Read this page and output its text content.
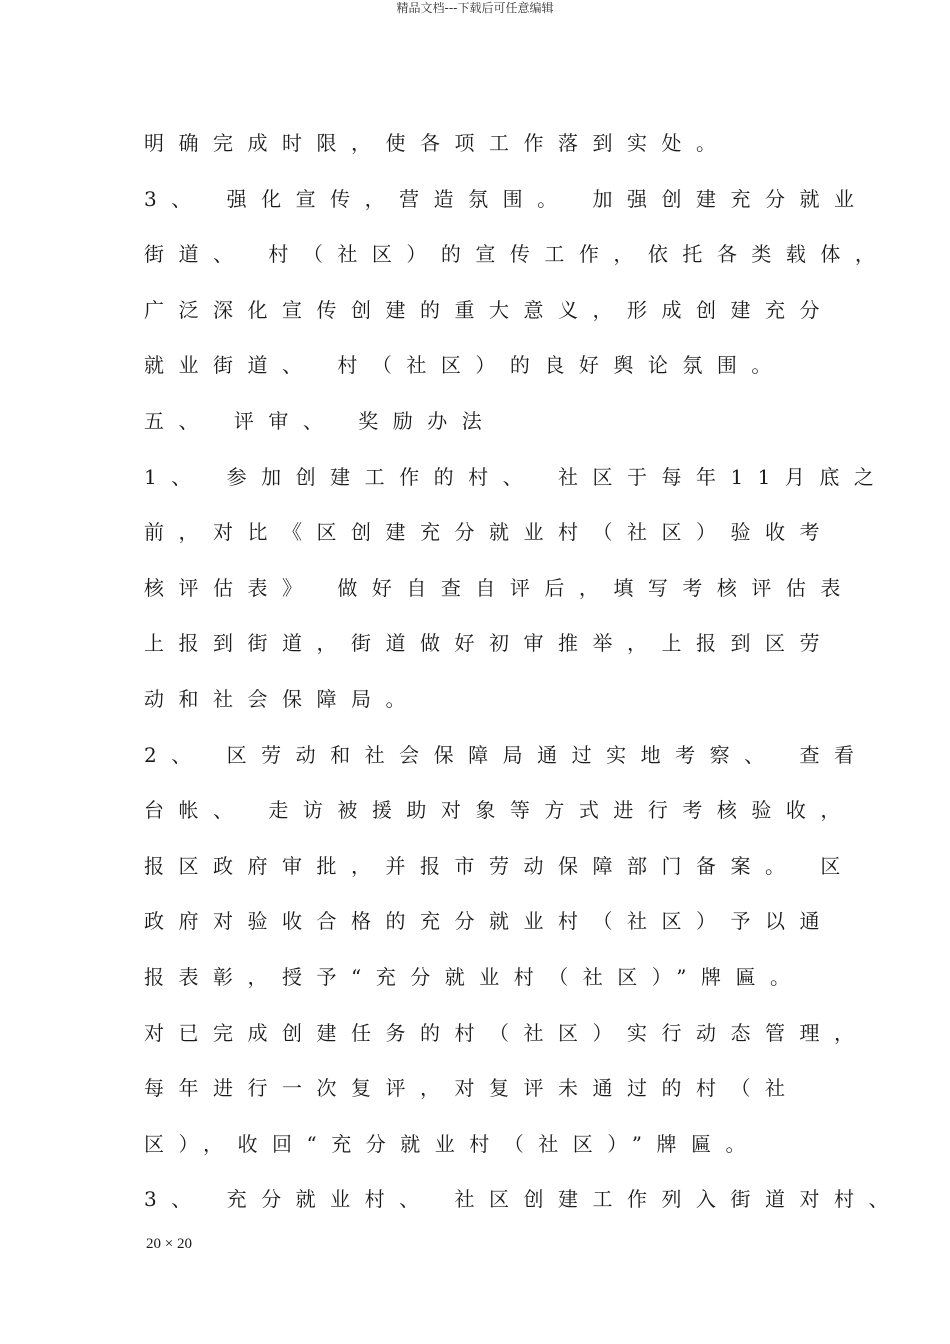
精品文档---下载后可任意编辑
明确完成时限，使各项工作落到实处。
3、 强化宣传，营造氛围。 加强创建充分就业
街道、 村（社区）的宣传工作，依托各类载体，
广泛深化宣传创建的重大意义，形成创建充分
就业街道、 村（社区）的良好舆论氛围。
五、 评审、 奖励办法
1、 参加创建工作的村、 社区于每年11月底之
前，对比《区创建充分就业村（社区）验收考
核评估表》 做好自查自评后，填写考核评估表
上报到街道，街道做好初审推举，上报到区劳
动和社会保障局。
2、 区劳动和社会保障局通过实地考察、 查看
台帐、 走访被援助对象等方式进行考核验收，
报区政府审批，并报市劳动保障部门备案。 区
政府对验收合格的充分就业村（社区）予以通
报表彰，授予“充分就业村（社区）”牌匾。
对已完成创建任务的村（社区）实行动态管理，
每年进行一次复评，对复评未通过的村（社
区），收回“充分就业村（社区）”牌匾。
3、 充分就业村、 社区创建工作列入街道对村、
20 × 20
